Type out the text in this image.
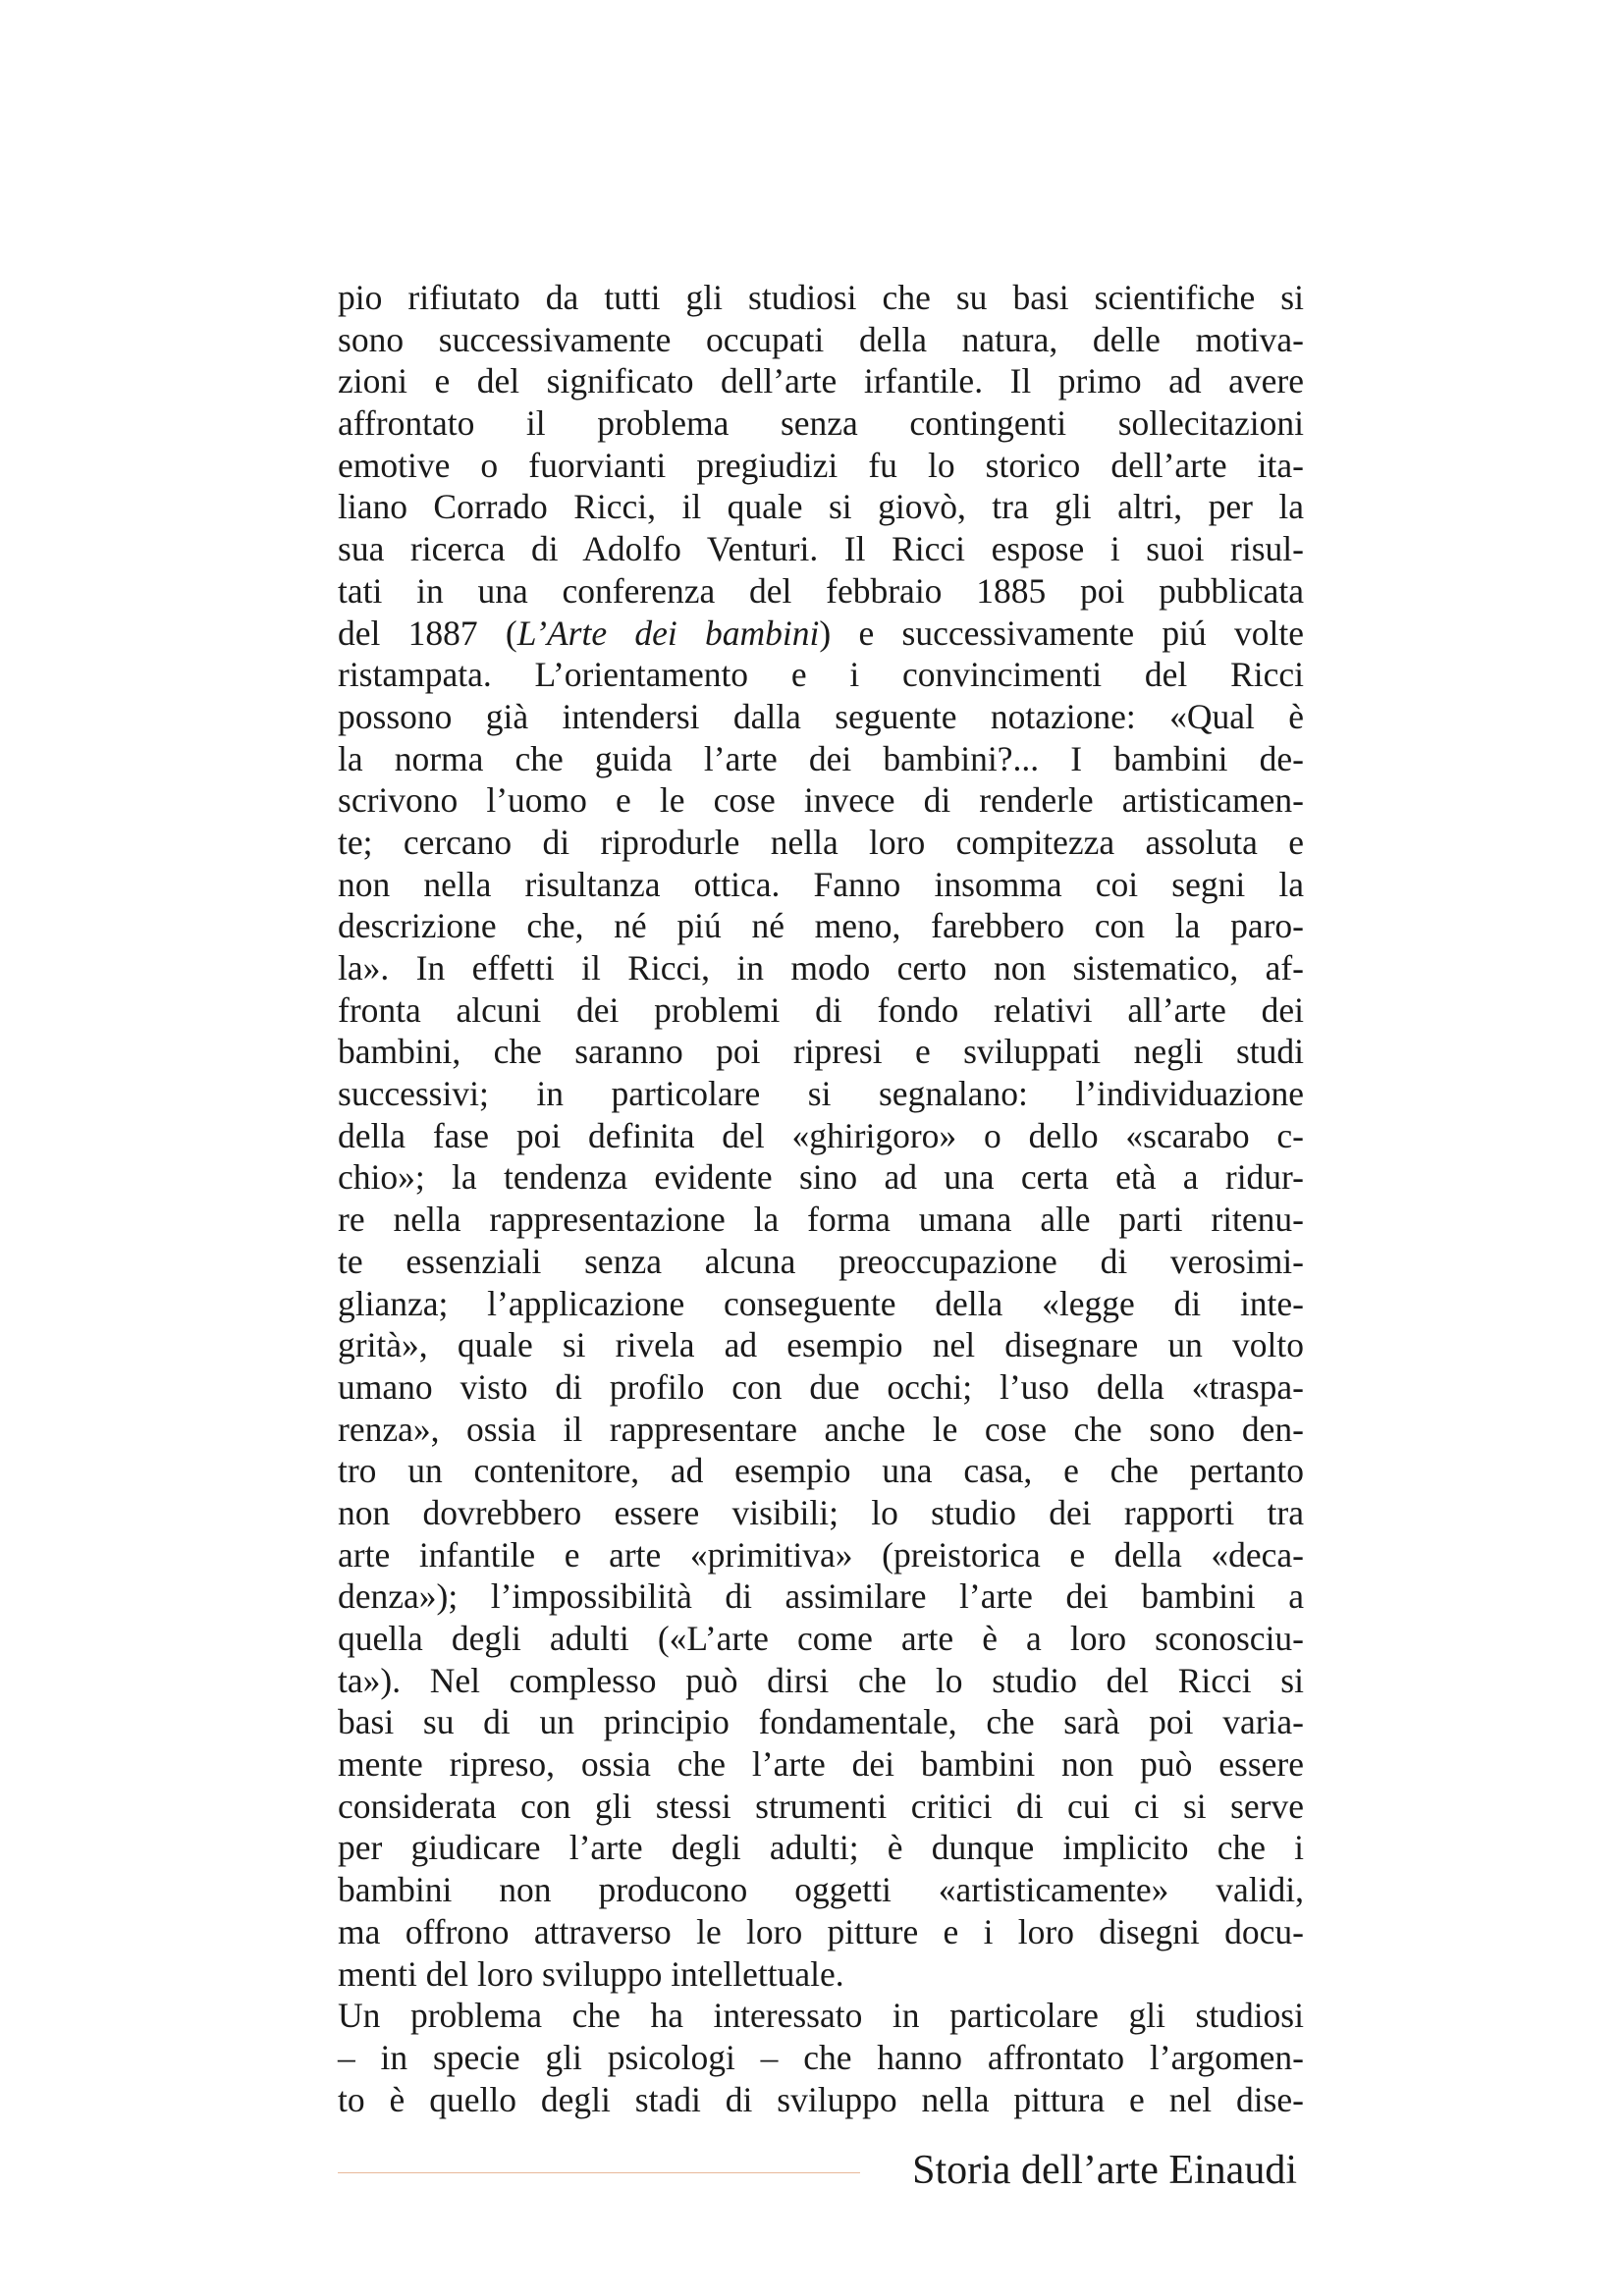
pio rifiutato da tutti gli studiosi che su basi scientifiche si
sono successivamente occupati della natura, delle motiva-
zioni e del significato dell’arte irfantile. Il primo ad avere
affrontato il problema senza contingenti sollecitazioni
emotive o fuorvianti pregiudizi fu lo storico dell’arte ita-
liano Corrado Ricci, il quale si giovò, tra gli altri, per la
sua ricerca di Adolfo Venturi. Il Ricci espose i suoi risul-
tati in una conferenza del febbraio 1885 poi pubblicata
del 1887 (L’Arte dei bambini) e successivamente piú volte
ristampata. L’orientamento e i convincimenti del Ricci
possono già intendersi dalla seguente notazione: «Qual è
la norma che guida l’arte dei bambini?... I bambini de-
scrivono l’uomo e le cose invece di renderle artisticamen-
te; cercano di riprodurle nella loro compitezza assoluta e
non nella risultanza ottica. Fanno insomma coi segni la
descrizione che, né piú né meno, farebbero con la paro-
la». In effetti il Ricci, in modo certo non sistematico, af-
fronta alcuni dei problemi di fondo relativi all’arte dei
bambini, che saranno poi ripresi e sviluppati negli studi
successivi; in particolare si segnalano: l’individuazione
della fase poi definita del «ghirigoro» o dello «scarabo c-
chio»; la tendenza evidente sino ad una certa età a ridur-
re nella rappresentazione la forma umana alle parti ritenu-
te essenziali senza alcuna preoccupazione di verosimi-
glianza; l’applicazione conseguente della «legge di inte-
grità», quale si rivela ad esempio nel disegnare un volto
umano visto di profilo con due occhi; l’uso della «traspa-
renza», ossia il rappresentare anche le cose che sono den-
tro un contenitore, ad esempio una casa, e che pertanto
non dovrebbero essere visibili; lo studio dei rapporti tra
arte infantile e arte «primitiva» (preistorica e della «deca-
denza»); l’impossibilità di assimilare l’arte dei bambini a
quella degli adulti («L’arte come arte è a loro sconosciu-
ta»). Nel complesso può dirsi che lo studio del Ricci si
basi su di un principio fondamentale, che sarà poi varia-
mente ripreso, ossia che l’arte dei bambini non può essere
considerata con gli stessi strumenti critici di cui ci si serve
per giudicare l’arte degli adulti; è dunque implicito che i
bambini non producono oggetti «artisticamente» validi,
ma offrono attraverso le loro pitture e i loro disegni docu-
menti del loro sviluppo intellettuale.
Un problema che ha interessato in particolare gli studiosi
– in specie gli psicologi – che hanno affrontato l’argomen-
to è quello degli stadi di sviluppo nella pittura e nel dise-
Storia dell’arte Einaudi
